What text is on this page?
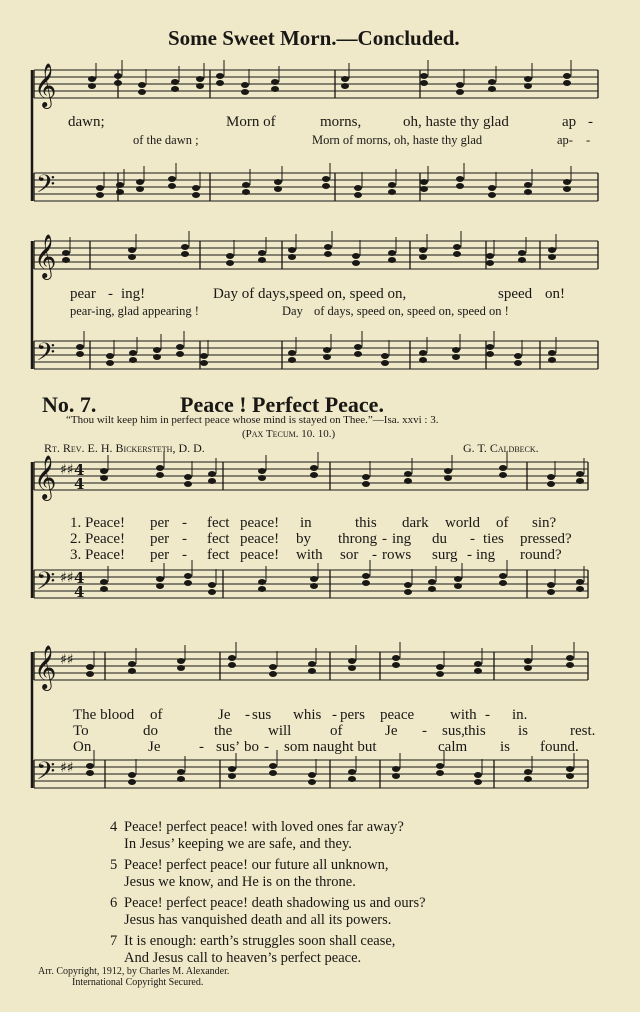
𝄞
𝄢
𝄞
𝄢
𝄞 ♯♯ 4
4
𝄢 ♯♯ 4
4
𝄞 ♯♯
𝄢 ♯♯
Some Sweet Morn.—Concluded.
dawn;	Morn of	morns,	oh, haste thy glad	ap -
of the dawn ;	Morn of morns, oh, haste thy glad	ap- -
pear - ing!	Day of days,speed on, speed on,	speed on!
pear-ing, glad appearing !	Day of days, speed on, speed on, speed on !
No. 7.	Peace ! Perfect Peace.
“Thou wilt keep him in perfect peace whose mind is stayed on Thee.”—Isa. xxvi : 3.
(Pax Tecum. 10. 10.)
Rt. Rev. E. H. Bickersteth, D. D.	G. T. Caldbeck.
1. Peace! per - fect peace! in	this dark world of sin?
2. Peace! per - fect peace! by throng - ing du - ties pressed?
3. Peace! per - fect peace! with sor - rows surg - ing round?
The blood of	Je - sus whis - pers peace with - in.
To	do	the will	of	Je - sus, this is	rest.
On	Je	- sus’ bo - som naught but	calm is found.
4 Peace! perfect peace! with loved ones far away?
In Jesus’ keeping we are safe, and they.
5 Peace! perfect peace! our future all unknown,
Jesus we know, and He is on the throne.
6 Peace! perfect peace! death shadowing us and ours?
Jesus has vanquished death and all its powers.
7 It is enough: earth’s struggles soon shall cease,
And Jesus call to heaven’s perfect peace.
Arr. Copyright, 1912, by Charles M. Alexander.
International Copyright Secured.
